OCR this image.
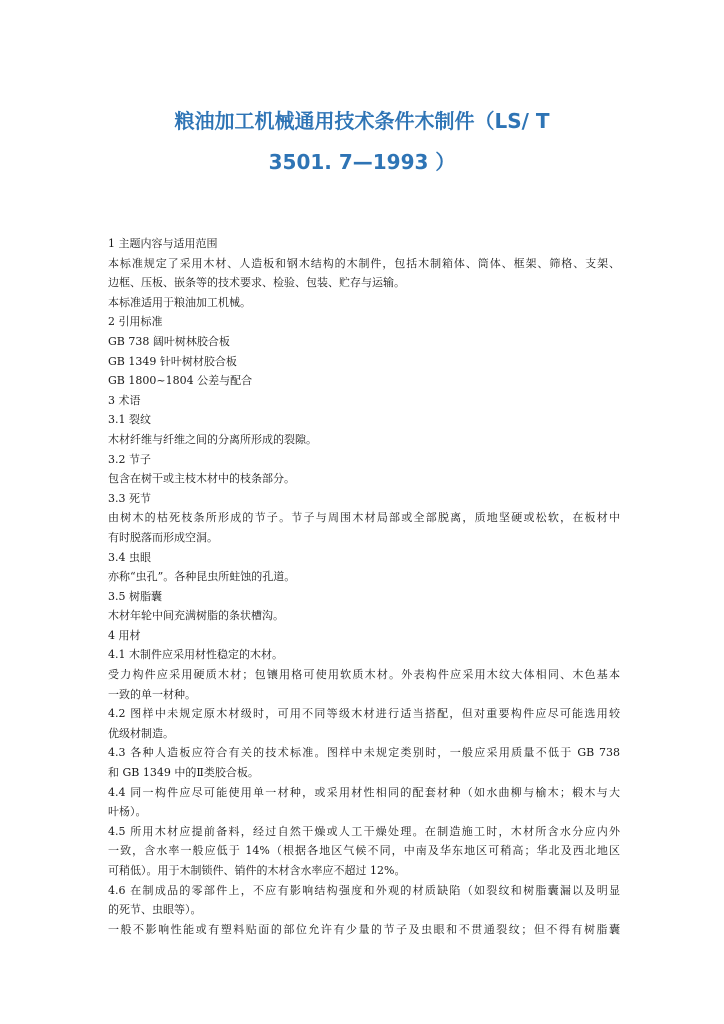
粮油加工机械通用技术条件木制件（LS/ T
3501. 7—1993 ）
1 主题内容与适用范围
本标准规定了采用木材、人造板和钢木结构的木制件，包括木制箱体、筒体、框架、筛格、支架、
边框、压板、嵌条等的技术要求、检验、包装、贮存与运输。
本标准适用于粮油加工机械。
2 引用标准
GB 738 阔叶树林胶合板
GB 1349 针叶树材胶合板
GB 1800~1804 公差与配合
3 术语
3.1 裂纹
木材纤维与纤维之间的分离所形成的裂隙。
3.2 节子
包含在树干或主枝木材中的枝条部分。
3.3 死节
由树木的枯死枝条所形成的节子。节子与周围木材局部或全部脱离，质地坚硬或松软，在板材中
有时脱落而形成空洞。
3.4 虫眼
亦称“虫孔”。各种昆虫所蛀蚀的孔道。
3.5 树脂囊
木材年轮中间充满树脂的条状槽沟。
4 用材
4.1 木制件应采用材性稳定的木材。
受力构件应采用硬质木材；包镶用格可使用软质木材。外表构件应采用木纹大体相同、木色基本
一致的单一材种。
4.2 图样中未规定原木材级时，可用不同等级木材进行适当搭配，但对重要构件应尽可能选用较
优级材制造。
4.3 各种人造板应符合有关的技术标准。图样中未规定类别时，一般应采用质量不低于 GB 738
和 GB 1349 中的Ⅱ类胶合板。
4.4 同一构件应尽可能使用单一材种，或采用材性相同的配套材种（如水曲柳与榆木；椴木与大
叶杨）。
4.5 所用木材应提前备料，经过自然干燥或人工干燥处理。在制造施工时，木材所含水分应内外
一致，含水率一般应低于 14%（根据各地区气候不同，中南及华东地区可稍高；华北及西北地区
可稍低）。用于木制锁件、销件的木材含水率应不超过 12%。
4.6 在制成品的零部件上，不应有影响结构强度和外观的材质缺陷（如裂纹和树脂囊漏以及明显
的死节、虫眼等）。
一般不影响性能或有塑料贴面的部位允许有少量的节子及虫眼和不贯通裂纹；但不得有树脂囊
